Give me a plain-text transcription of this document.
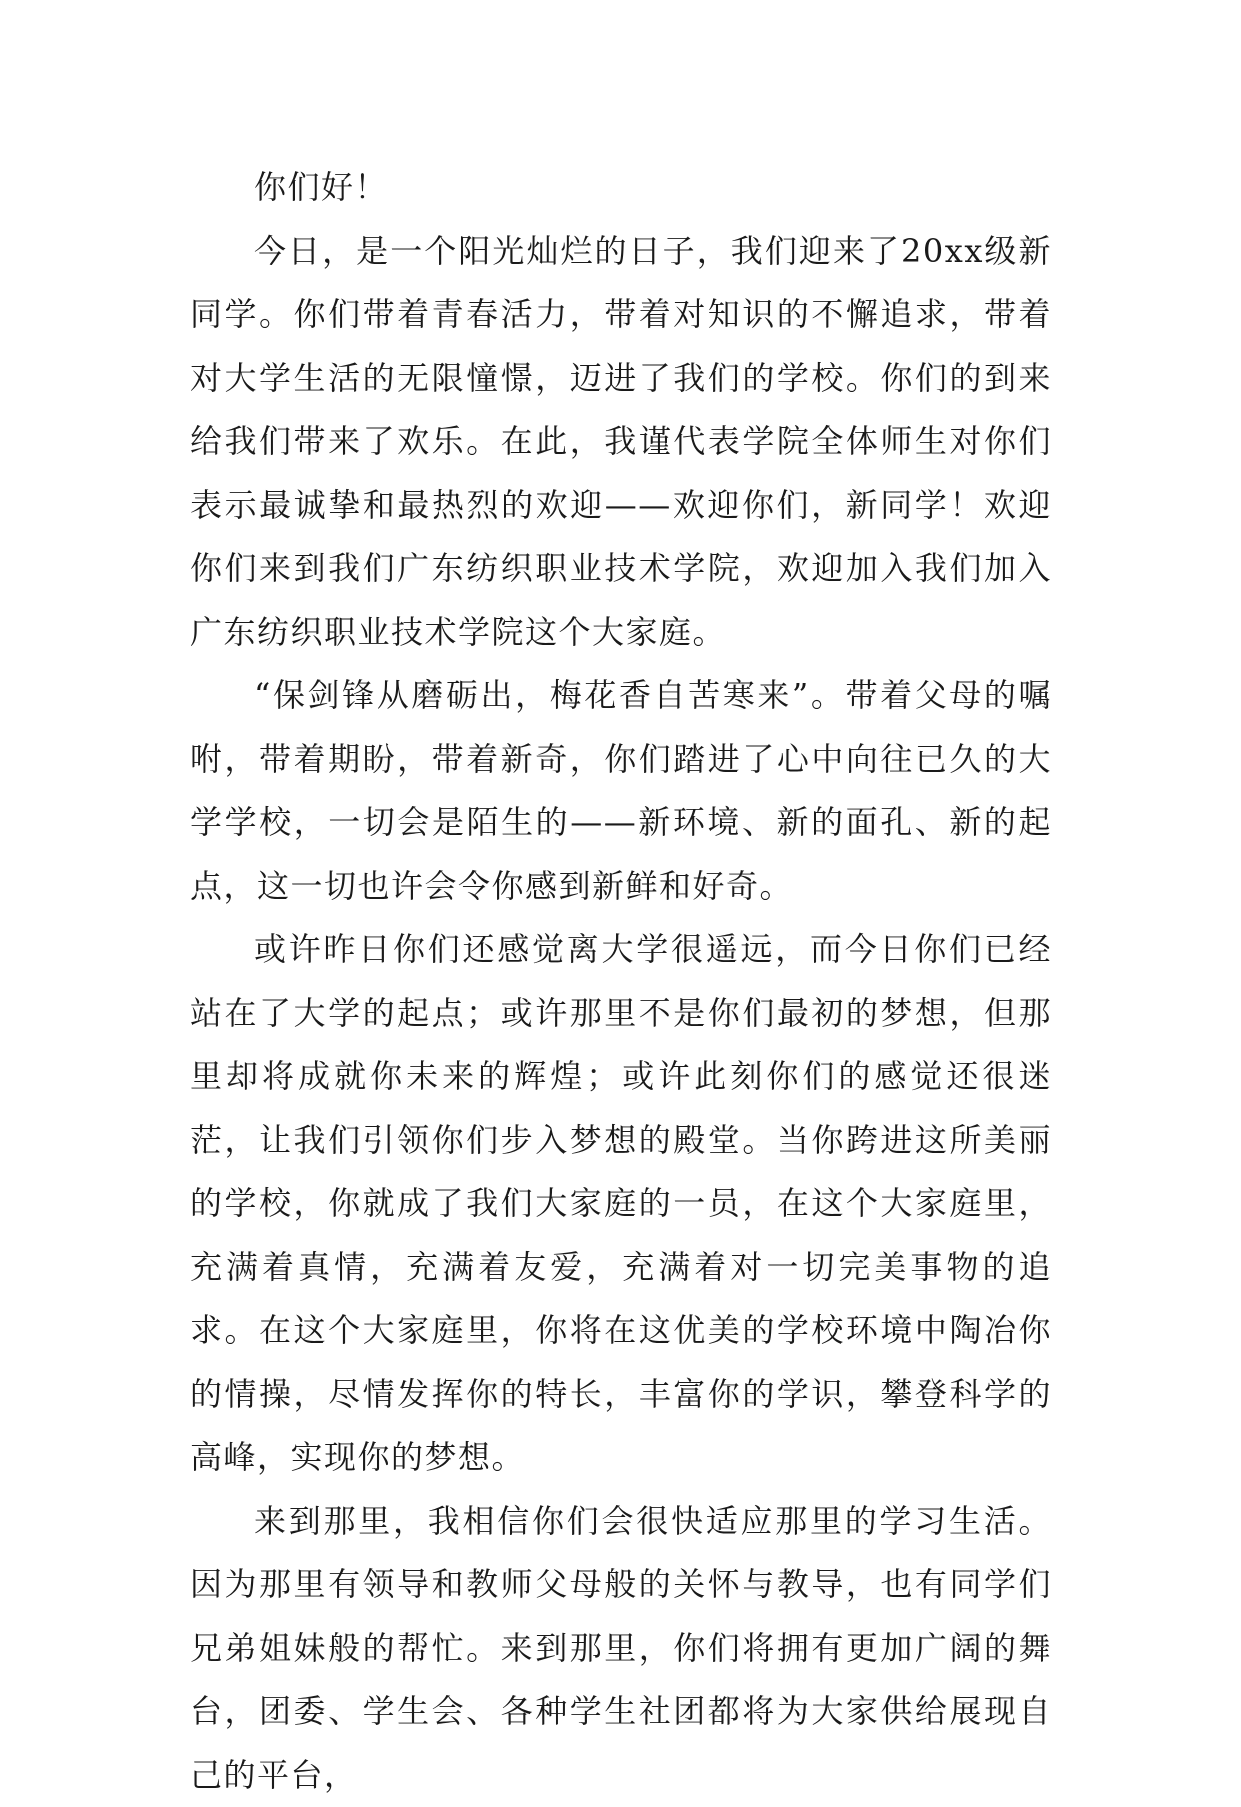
你们好！

今日，是一个阳光灿烂的日子，我们迎来了20xx级新同学。你们带着青春活力，带着对知识的不懈追求，带着对大学生活的无限憧憬，迈进了我们的学校。你们的到来给我们带来了欢乐。在此，我谨代表学院全体师生对你们表示最诚挚和最热烈的欢迎——欢迎你们，新同学！欢迎你们来到我们广东纺织职业技术学院，欢迎加入我们加入广东纺织职业技术学院这个大家庭。

“保剑锋从磨砺出，梅花香自苦寒来”。带着父母的嘱咐，带着期盼，带着新奇，你们踏进了心中向往已久的大学学校，一切会是陌生的——新环境、新的面孔、新的起点，这一切也许会令你感到新鲜和好奇。

或许昨日你们还感觉离大学很遥远，而今日你们已经站在了大学的起点；或许那里不是你们最初的梦想，但那里却将成就你未来的辉煌；或许此刻你们的感觉还很迷茫，让我们引领你们步入梦想的殿堂。当你跨进这所美丽的学校，你就成了我们大家庭的一员，在这个大家庭里，充满着真情，充满着友爱，充满着对一切完美事物的追求。在这个大家庭里，你将在这优美的学校环境中陶冶你的情操，尽情发挥你的特长，丰富你的学识，攀登科学的高峰，实现你的梦想。

来到那里，我相信你们会很快适应那里的学习生活。因为那里有领导和教师父母般的关怀与教导，也有同学们兄弟姐妹般的帮忙。来到那里，你们将拥有更加广阔的舞台，团委、学生会、各种学生社团都将为大家供给展现自己的平台，
